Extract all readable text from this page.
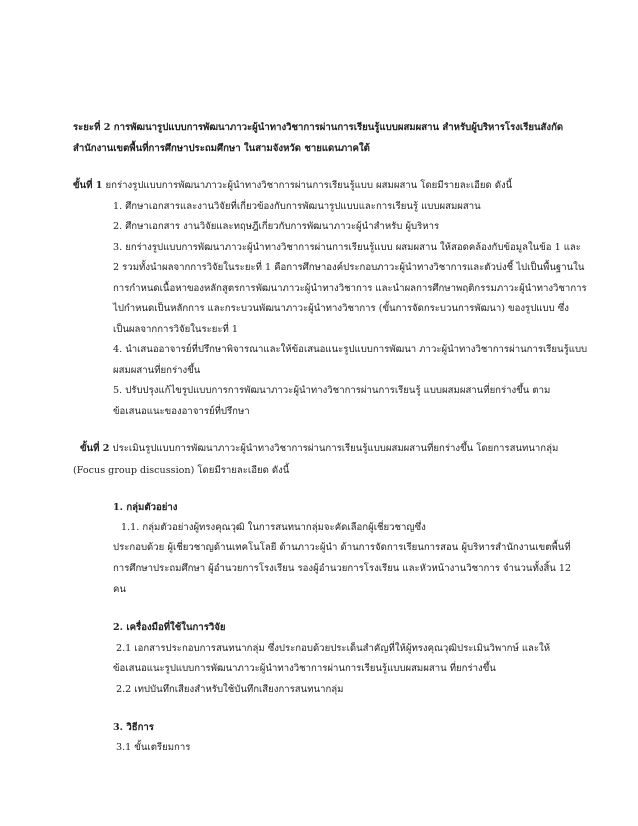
ระยะที่ 2 การพัฒนารูปแบบการพัฒนาภาวะผู้นำทางวิชาการผ่านการเรียนรู้แบบผสมผสาน สำหรับผู้บริหารโรงเรียนสังกัด
สำนักงานเขตพื้นที่การศึกษาประถมศึกษา ในสามจังหวัด ชายแดนภาคใต้
ขั้นที่ 1 ยกร่างรูปแบบการพัฒนาภาวะผู้นำทางวิชาการผ่านการเรียนรู้แบบ ผสมผสาน โดยมีรายละเอียด ดังนี้
1. ศึกษาเอกสารและงานวิจัยที่เกี่ยวข้องกับการพัฒนารูปแบบและการเรียนรู้ แบบผสมผสาน
2. ศึกษาเอกสาร งานวิจัยและทฤษฎีเกี่ยวกับการพัฒนาภาวะผู้นำสำหรับ ผู้บริหาร
3. ยกร่างรูปแบบการพัฒนาภาวะผู้นำทางวิชาการผ่านการเรียนรู้แบบ ผสมผสาน ให้สอดคล้องกับข้อมูลในข้อ 1 และ
2 รวมทั้งนำผลจากการวิจัยในระยะที่ 1 คือการศึกษาองค์ประกอบภาวะผู้นำทางวิชาการและตัวบ่งชี้ ไปเป็นพื้นฐานใน
การกำหนดเนื้อหาของหลักสูตรการพัฒนาภาวะผู้นำทางวิชาการ และนำผลการศึกษาพฤติกรรมภาวะผู้นำทางวิชาการ
ไปกำหนดเป็นหลักการ และกระบวนพัฒนาภาวะผู้นำทางวิชาการ (ขั้นการจัดกระบวนการพัฒนา) ของรูปแบบ ซึ่ง
เป็นผลจากการวิจัยในระยะที่ 1
4. นำเสนออาจารย์ที่ปรึกษาพิจารณาและให้ข้อเสนอแนะรูปแบบการพัฒนา ภาวะผู้นำทางวิชาการผ่านการเรียนรู้แบบ
ผสมผสานที่ยกร่างขึ้น
5. ปรับปรุงแก้ไขรูปแบบการการพัฒนาภาวะผู้นำทางวิชาการผ่านการเรียนรู้ แบบผสมผสานที่ยกร่างขึ้น ตาม
ข้อเสนอแนะของอาจารย์ที่ปรึกษา
ขั้นที่ 2 ประเมินรูปแบบการพัฒนาภาวะผู้นำทางวิชาการผ่านการเรียนรู้แบบผสมผสานที่ยกร่างขึ้น โดยการสนทนากลุ่ม
(Focus group discussion) โดยมีรายละเอียด ดังนี้
1. กลุ่มตัวอย่าง
1.1. กลุ่มตัวอย่างผู้ทรงคุณวุฒิ ในการสนทนากลุ่มจะคัดเลือกผู้เชี่ยวชาญซึ่ง
ประกอบด้วย ผู้เชี่ยวชาญด้านเทคโนโลยี ด้านภาวะผู้นำ ด้านการจัดการเรียนการสอน ผู้บริหารสำนักงานเขตพื้นที่
การศึกษาประถมศึกษา ผู้อำนวยการโรงเรียน รองผู้อำนวยการโรงเรียน และหัวหน้างานวิชาการ จำนวนทั้งสิ้น 12
คน
2. เครื่องมือที่ใช้ในการวิจัย
2.1 เอกสารประกอบการสนทนากลุ่ม ซึ่งประกอบด้วยประเด็นสำคัญที่ให้ผู้ทรงคุณวุฒิประเมินวิพากษ์ และให้
ข้อเสนอแนะรูปแบบการพัฒนาภาวะผู้นำทางวิชาการผ่านการเรียนรู้แบบผสมผสาน ที่ยกร่างขึ้น
2.2 เทปบันทึกเสียงสำหรับใช้บันทึกเสียงการสนทนากลุ่ม
3. วิธีการ
3.1 ขั้นเตรียมการ
